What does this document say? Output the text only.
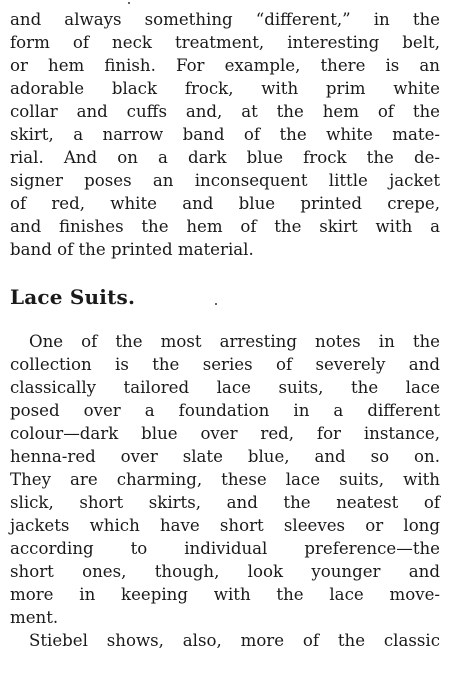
and always something “different,” in the
form of neck treatment, interesting belt,
or hem finish. For example, there is an
adorable black frock, with prim white
collar and cuffs and, at the hem of the
skirt, a narrow band of the white mate-
rial. And on a dark blue frock the de-
signer poses an inconsequent little jacket
of red, white and blue printed crepe,
and finishes the hem of the skirt with a
band of the printed material.
Lace Suits.
One of the most arresting notes in the
collection is the series of severely and
classically tailored lace suits, the lace
posed over a foundation in a different
colour—dark blue over red, for instance,
henna-red over slate blue, and so on.
They are charming, these lace suits, with
slick, short skirts, and the neatest of
jackets which have short sleeves or long
according to individual preference—the
short ones, though, look younger and
more in keeping with the lace move-
ment.
Stiebel shows, also, more of the classic
